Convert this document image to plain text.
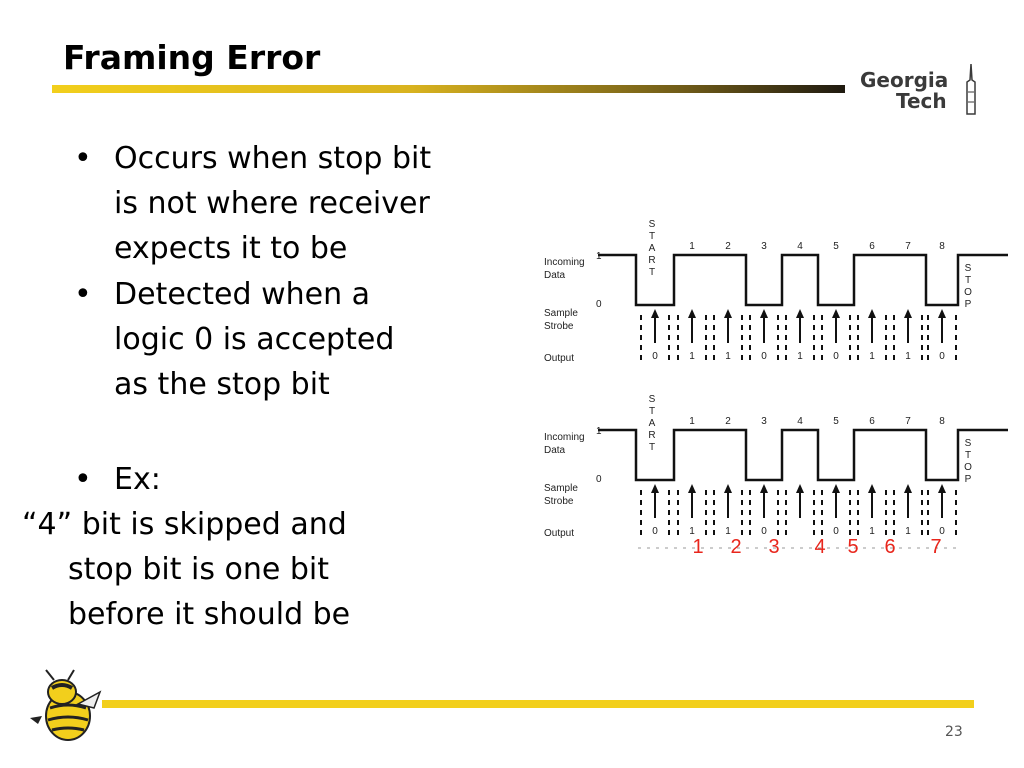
Framing Error
Georgia
Tech
• Occurs when stop bit
is not where receiver
expects it to be
• Detected when a
logic 0 is accepted
as the stop bit
• Ex:
“4” bit is skipped and
stop bit is one bit
before it should be
Incoming
Data
Sample
Strobe
Output
1
0
S
T
A
R
T	S
T
O
P
1	2	3	4	5	6	7	8
0	1	1	0	1	0	1	1	0
Incoming
Data
Sample
Strobe
Output
1
0
S
T
A
R
T	S
T
O
P
1	2	3	4	5	6	7	8
0	1	1	0	0	1	1	0
1 2 3 4 5 6 7
23
